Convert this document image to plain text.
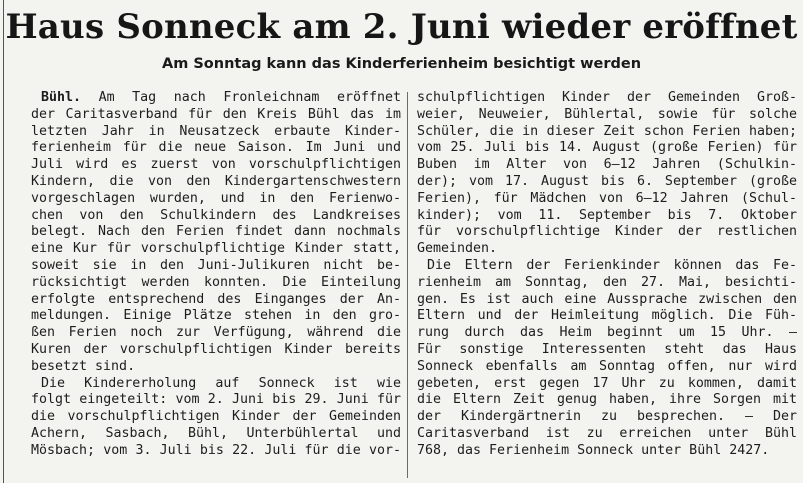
Haus Sonneck am 2. Juni wieder eröffnet
Am Sonntag kann das Kinderferienheim besichtigt werden
Bühl. Am Tag nach Fronleichnam eröffnet
der Caritasverband für den Kreis Bühl das im
letzten Jahr in Neusatzeck erbaute Kinder-
ferienheim für die neue Saison. Im Juni und
Juli wird es zuerst von vorschulpflichtigen
Kindern, die von den Kindergartenschwestern
vorgeschlagen wurden, und in den Ferienwo-
chen von den Schulkindern des Landkreises
belegt. Nach den Ferien findet dann nochmals
eine Kur für vorschulpflichtige Kinder statt,
soweit sie in den Juni-Julikuren nicht be-
rücksichtigt werden konnten. Die Einteilung
erfolgte entsprechend des Einganges der An-
meldungen. Einige Plätze stehen in den gro-
ßen Ferien noch zur Verfügung, während die
Kuren der vorschulpflichtigen Kinder bereits
besetzt sind.
Die Kindererholung auf Sonneck ist wie
folgt eingeteilt: vom 2. Juni bis 29. Juni für
die vorschulpflichtigen Kinder der Gemeinden
Achern, Sasbach, Bühl, Unterbühlertal und
Mösbach; vom 3. Juli bis 22. Juli für die vor-
schulpflichtigen Kinder der Gemeinden Groß-
weier, Neuweier, Bühlertal, sowie für solche
Schüler, die in dieser Zeit schon Ferien haben;
vom 25. Juli bis 14. August (große Ferien) für
Buben im Alter von 6—12 Jahren (Schulkin-
der); vom 17. August bis 6. September (große
Ferien), für Mädchen von 6—12 Jahren (Schul-
kinder); vom 11. September bis 7. Oktober
für vorschulpflichtige Kinder der restlichen
Gemeinden.
Die Eltern der Ferienkinder können das Fe-
rienheim am Sonntag, den 27. Mai, besichti-
gen. Es ist auch eine Aussprache zwischen den
Eltern und der Heimleitung möglich. Die Füh-
rung durch das Heim beginnt um 15 Uhr. —
Für sonstige Interessenten steht das Haus
Sonneck ebenfalls am Sonntag offen, nur wird
gebeten, erst gegen 17 Uhr zu kommen, damit
die Eltern Zeit genug haben, ihre Sorgen mit
der Kindergärtnerin zu besprechen. — Der
Caritasverband ist zu erreichen unter Bühl
768, das Ferienheim Sonneck unter Bühl 2427.
